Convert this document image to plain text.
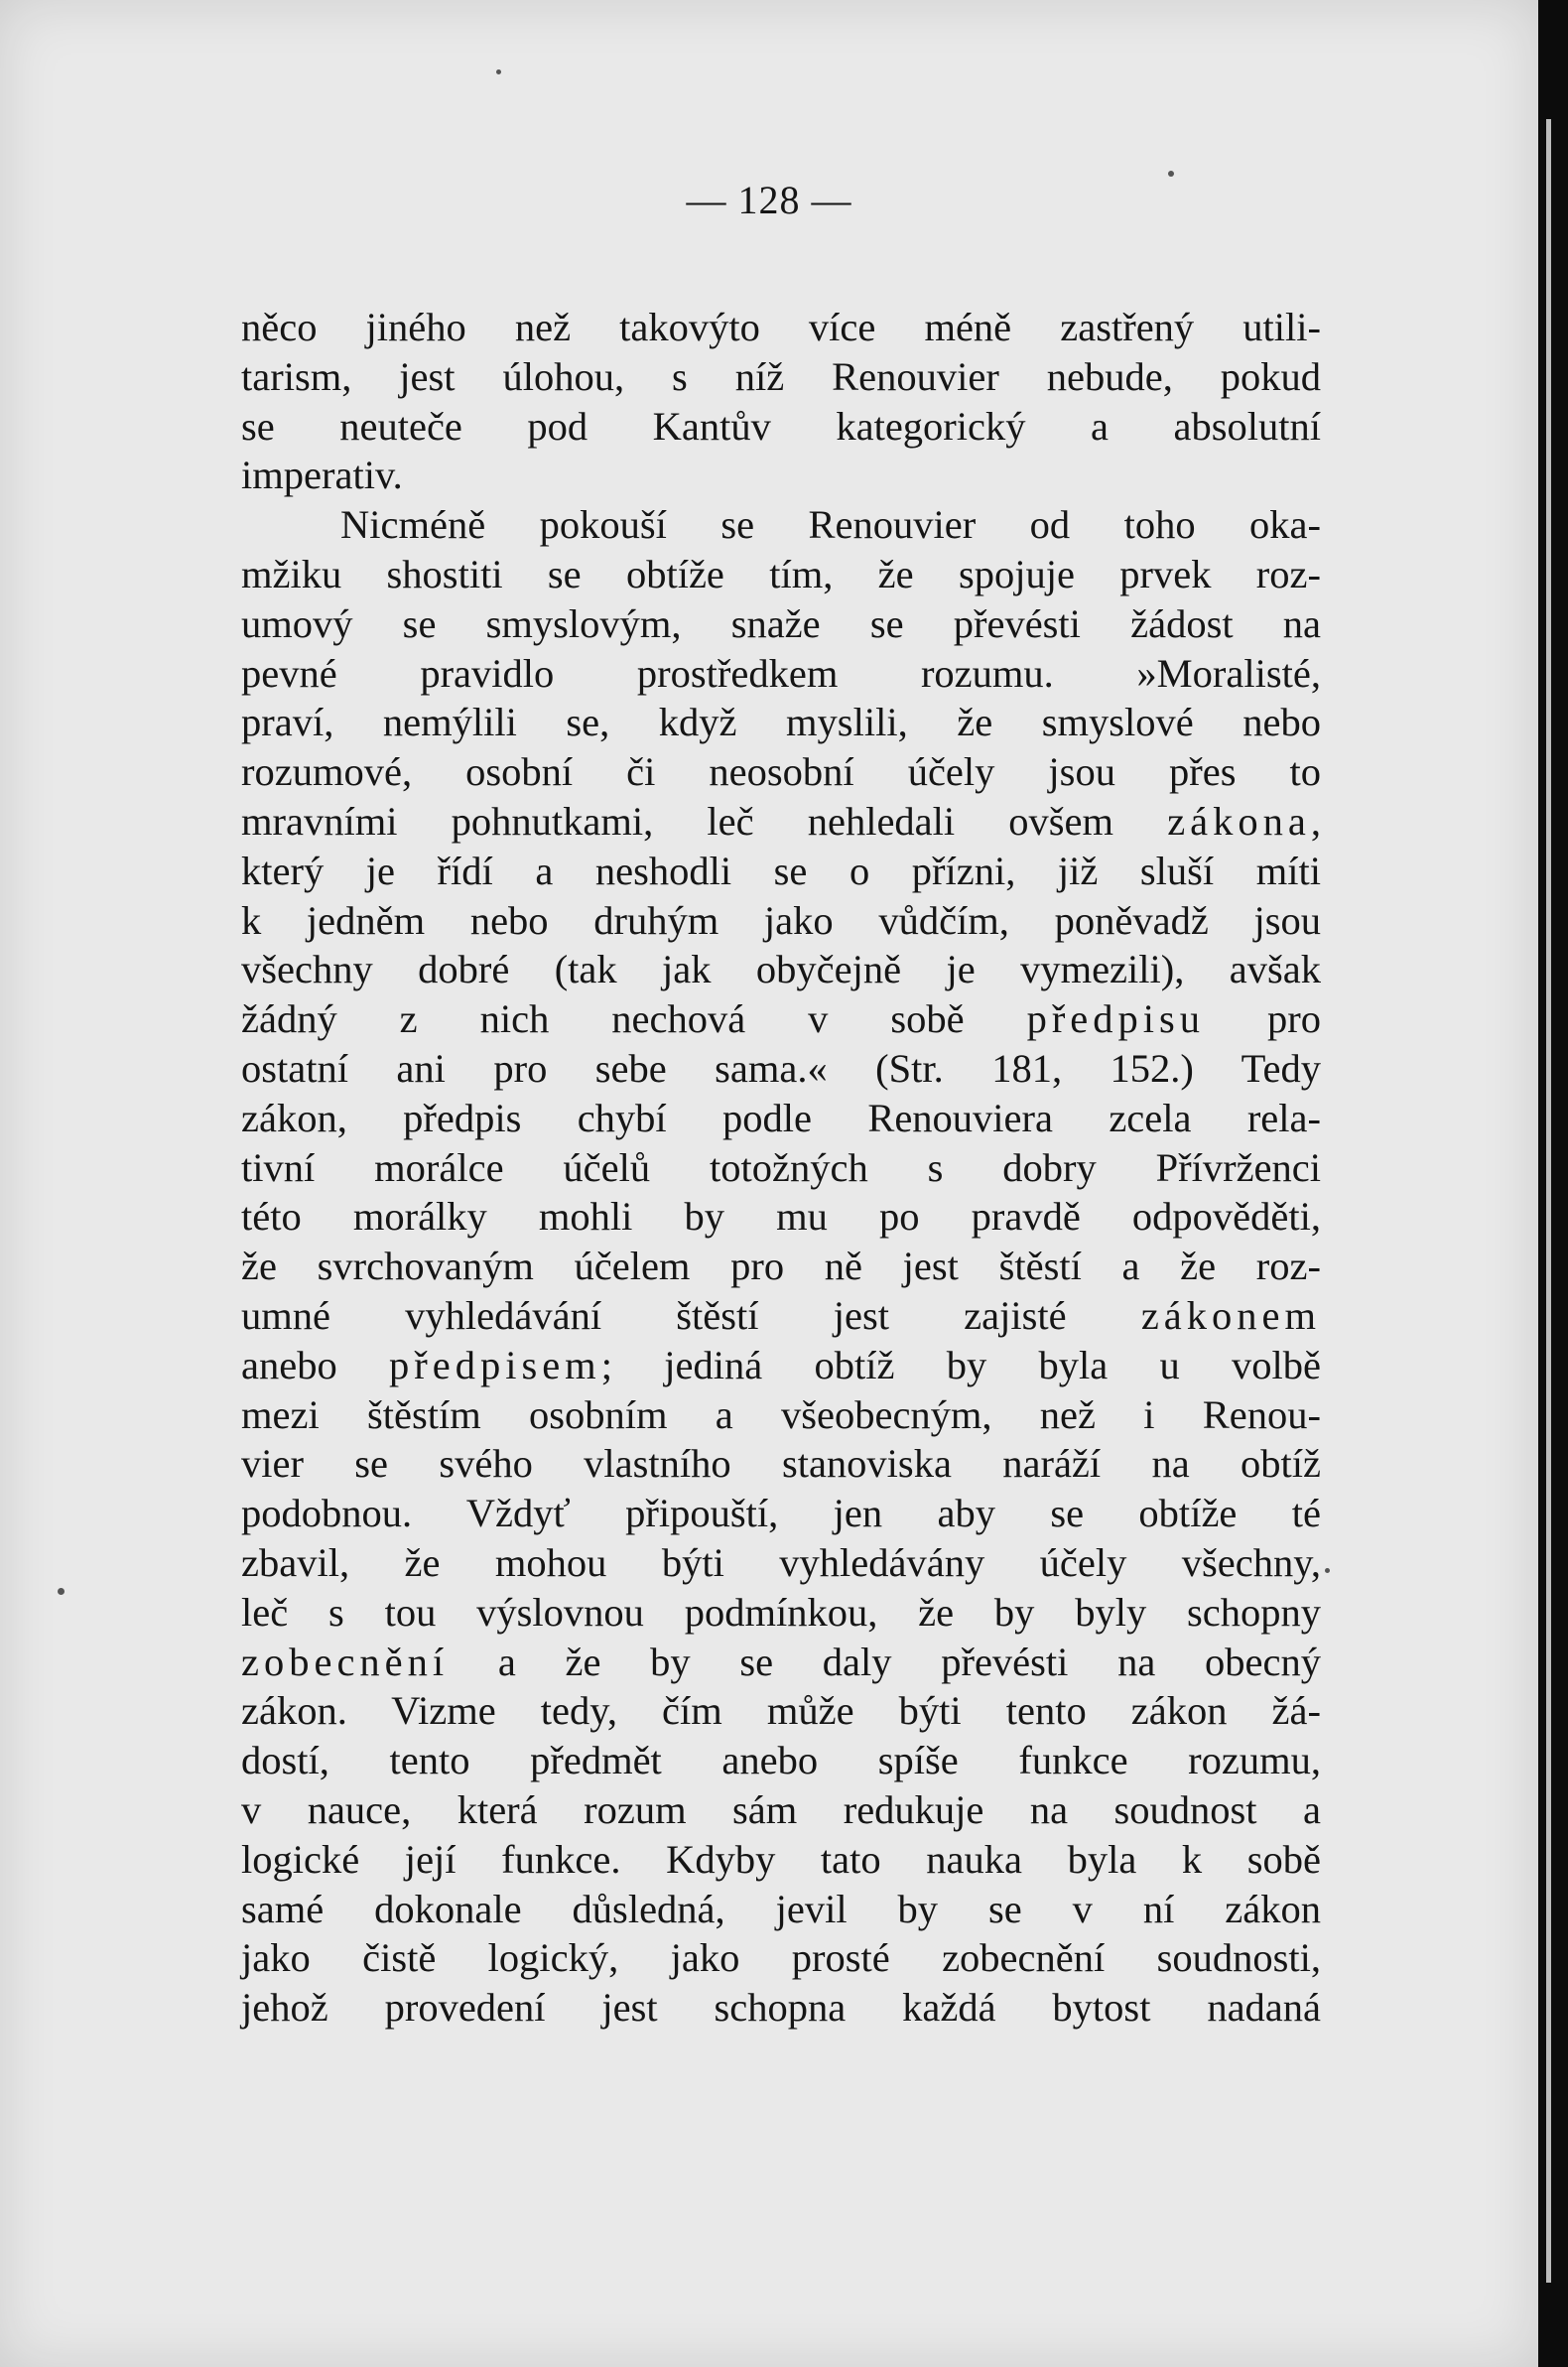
— 128 —
něco jiného než takovýto více méně zastřený utili-
tarism, jest úlohou, s níž Renouvier nebude, pokud
se neuteče pod Kantův kategorický a absolutní
imperativ.
Nicméně pokouší se Renouvier od toho oka-
mžiku shostiti se obtíže tím, že spojuje prvek roz-
umový se smyslovým, snaže se převésti žádost na
pevné pravidlo prostředkem rozumu. »Moralisté,
praví, nemýlili se, když myslili, že smyslové nebo
rozumové, osobní či neosobní účely jsou přes to
mravními pohnutkami, leč nehledali ovšem zákona,
který je řídí a neshodli se o přízni, již sluší míti
k jedněm nebo druhým jako vůdčím, poněvadž jsou
všechny dobré (tak jak obyčejně je vymezili), avšak
žádný z nich nechová v sobě předpisu pro
ostatní ani pro sebe sama.« (Str. 181, 152.) Tedy
zákon, předpis chybí podle Renouviera zcela rela-
tivní morálce účelů totožných s dobry Přívrženci
této morálky mohli by mu po pravdě odpověděti,
že svrchovaným účelem pro ně jest štěstí a že roz-
umné vyhledávání štěstí jest zajisté zákonem
anebo předpisem; jediná obtíž by byla u volbě
mezi štěstím osobním a všeobecným, než i Renou-
vier se svého vlastního stanoviska naráží na obtíž
podobnou. Vždyť připouští, jen aby se obtíže té
zbavil, že mohou býti vyhledávány účely všechny,
leč s tou výslovnou podmínkou, že by byly schopny
zobecnění a že by se daly převésti na obecný
zákon. Vizme tedy, čím může býti tento zákon žá-
dostí, tento předmět anebo spíše funkce rozumu,
v nauce, která rozum sám redukuje na soudnost a
logické její funkce. Kdyby tato nauka byla k sobě
samé dokonale důsledná, jevil by se v ní zákon
jako čistě logický, jako prosté zobecnění soudnosti,
jehož provedení jest schopna každá bytost nadaná
